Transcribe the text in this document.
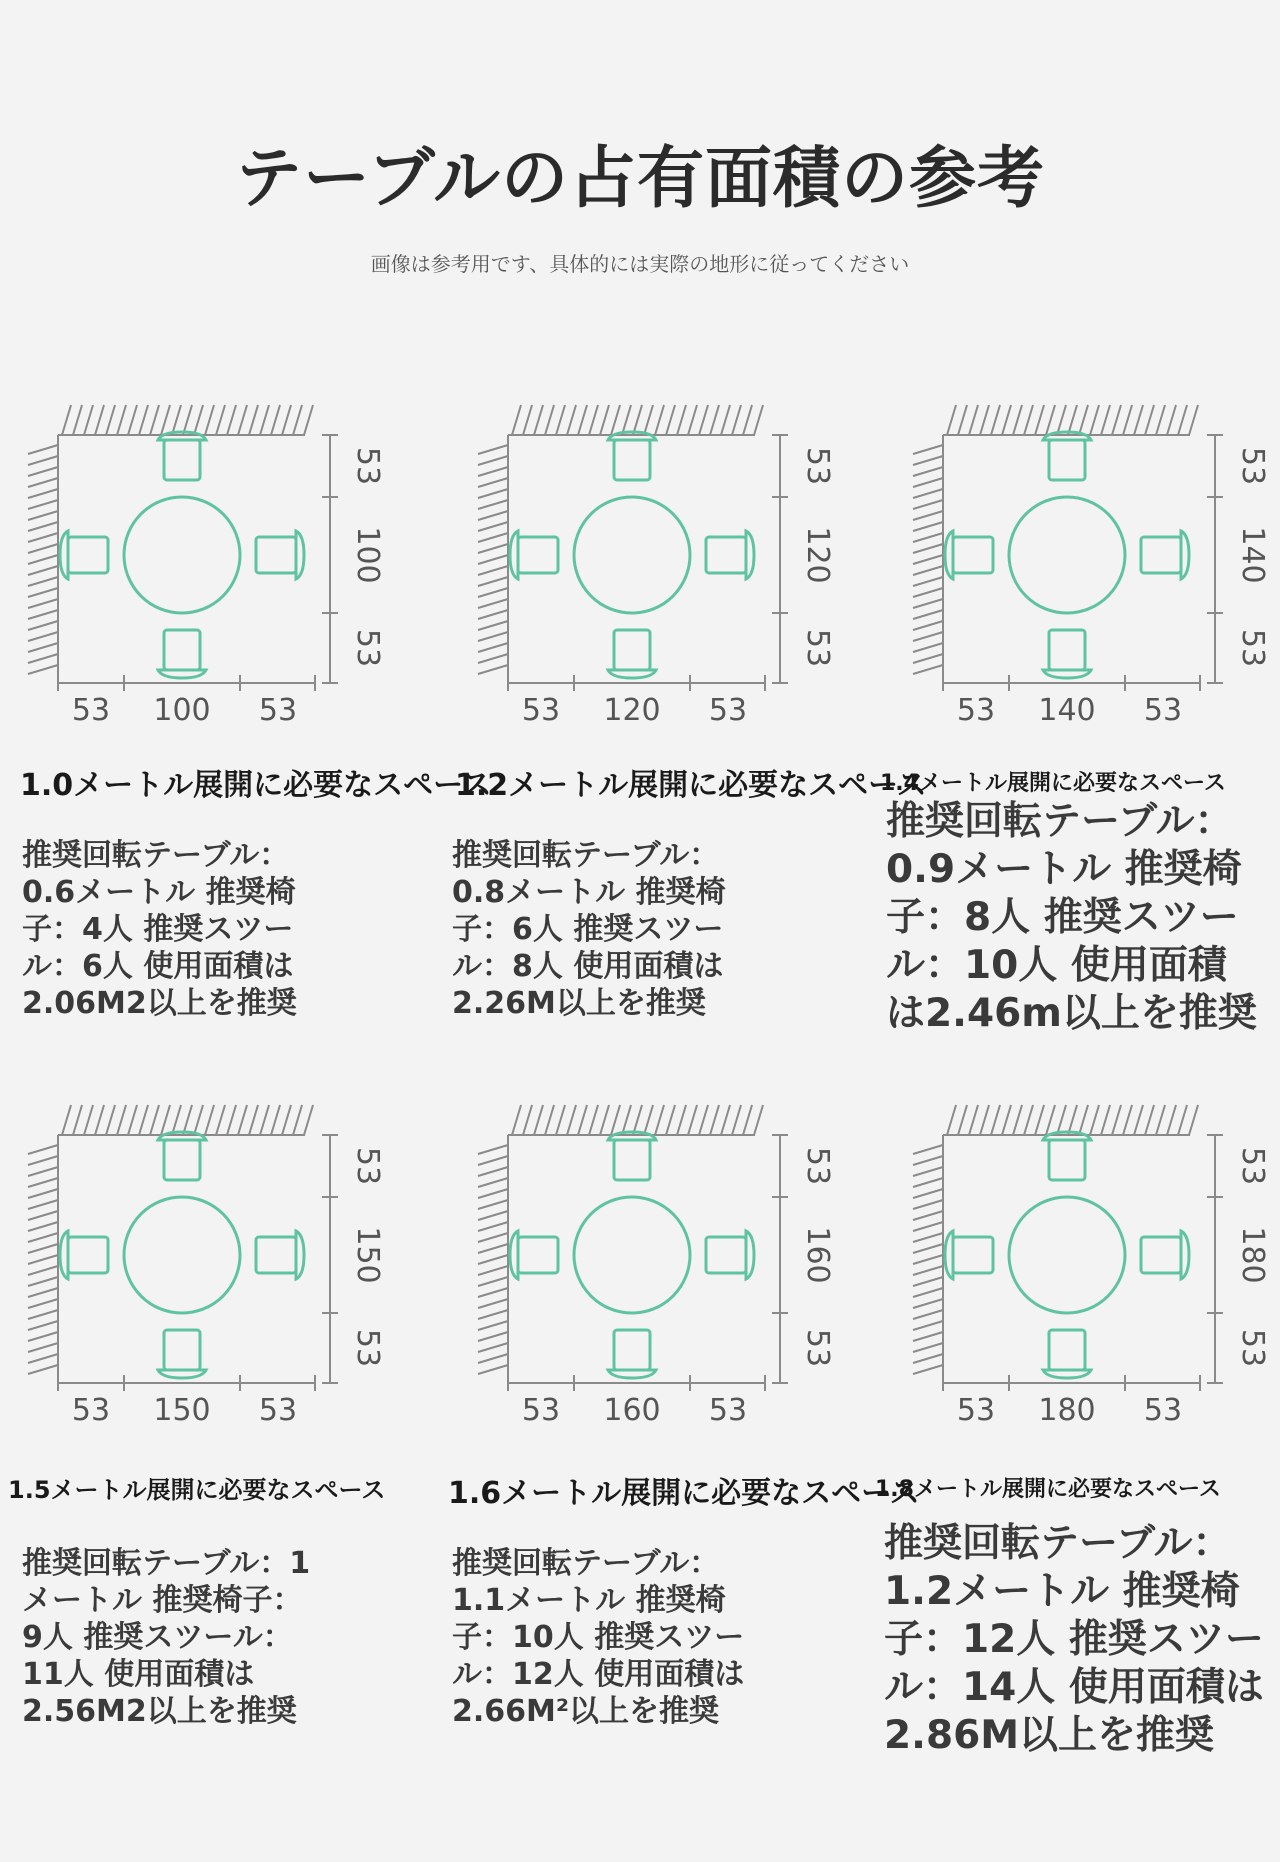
テーブルの占有面積の参考
画像は参考用です、具体的には実際の地形に従ってください
53
100
53
53 100 53
1.0メートル展開に必要なスペース
推奨回転テーブル：0.6メートル 推奨椅子：4人 推奨スツール：6人 使用面積は2.06M2以上を推奨
53
120
53
53 120 53
1.2メートル展開に必要なスペース
推奨回転テーブル：0.8メートル 推奨椅子：6人 推奨スツール：8人 使用面積は2.26M以上を推奨
53
140
53
53 140 53
1.4メートル展開に必要なスペース
推奨回転テーブル：0.9メートル 推奨椅子：8人 推奨スツール：10人 使用面積は2.46m以上を推奨
53
150
53
53 150 53
1.5メートル展開に必要なスペース
推奨回転テーブル：1メートル 推奨椅子：9人 推奨スツール：11人 使用面積は2.56M2以上を推奨
53
160
53
53 160 53
1.6メートル展開に必要なスペース
推奨回転テーブル：1.1メートル 推奨椅子：10人 推奨スツール：12人 使用面積は2.66M²以上を推奨
53
180
53
53 180 53
1.8メートル展開に必要なスペース
推奨回転テーブル：1.2メートル 推奨椅子：12人 推奨スツール：14人 使用面積は2.86M以上を推奨
